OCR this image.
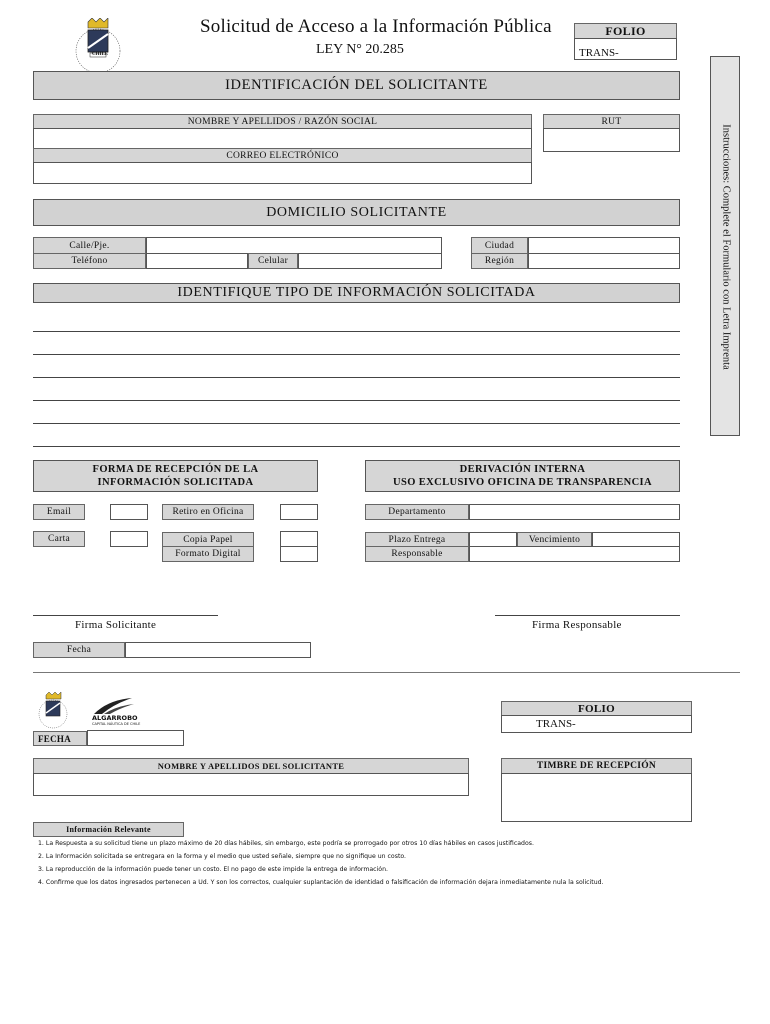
CHILE
Solicitud de Acceso a la Información Pública
LEY N° 20.285
FOLIO
TRANS-
Instrucciones: Complete el Formulario con Letra Imprenta
IDENTIFICACIÓN DEL SOLICITANTE
NOMBRE Y APELLIDOS / RAZÓN SOCIAL	RUT
CORREO ELECTRÓNICO
DOMICILIO SOLICITANTE
Calle/Pje.
Teléfono	Celular
Ciudad
Región
IDENTIFIQUE TIPO DE INFORMACIÓN SOLICITADA
FORMA DE RECEPCIÓN DE LA
INFORMACIÓN SOLICITADA
Email	Retiro en Oficina
Carta	Copia Papel
Formato Digital
DERIVACIÓN INTERNA
USO EXCLUSIVO OFICINA DE TRANSPARENCIA
Departamento
Plazo Entrega	Vencimiento
Responsable
Firma Solicitante	Firma Responsable
Fecha
ALGARROBO
CAPITAL NÁUTICA DE CHILE
FECHA
FOLIO
TRANS-
NOMBRE Y APELLIDOS DEL SOLICITANTE	TIMBRE DE RECEPCIÓN
Información Relevante
1. La Respuesta a su solicitud tiene un plazo máximo de 20 días hábiles, sin embargo, este podría se prorrogado por otros 10 días hábiles en casos justificados.
2. La Información solicitada se entregara en la forma y el medio que usted señale, siempre que no signifique un costo.
3. La reproducción de la información puede tener un costo. El no pago de este impide la entrega de información.
4. Confirme que los datos ingresados pertenecen a Ud. Y son los correctos, cualquier suplantación de identidad o falsificación de información dejara inmediatamente nula la solicitud.
